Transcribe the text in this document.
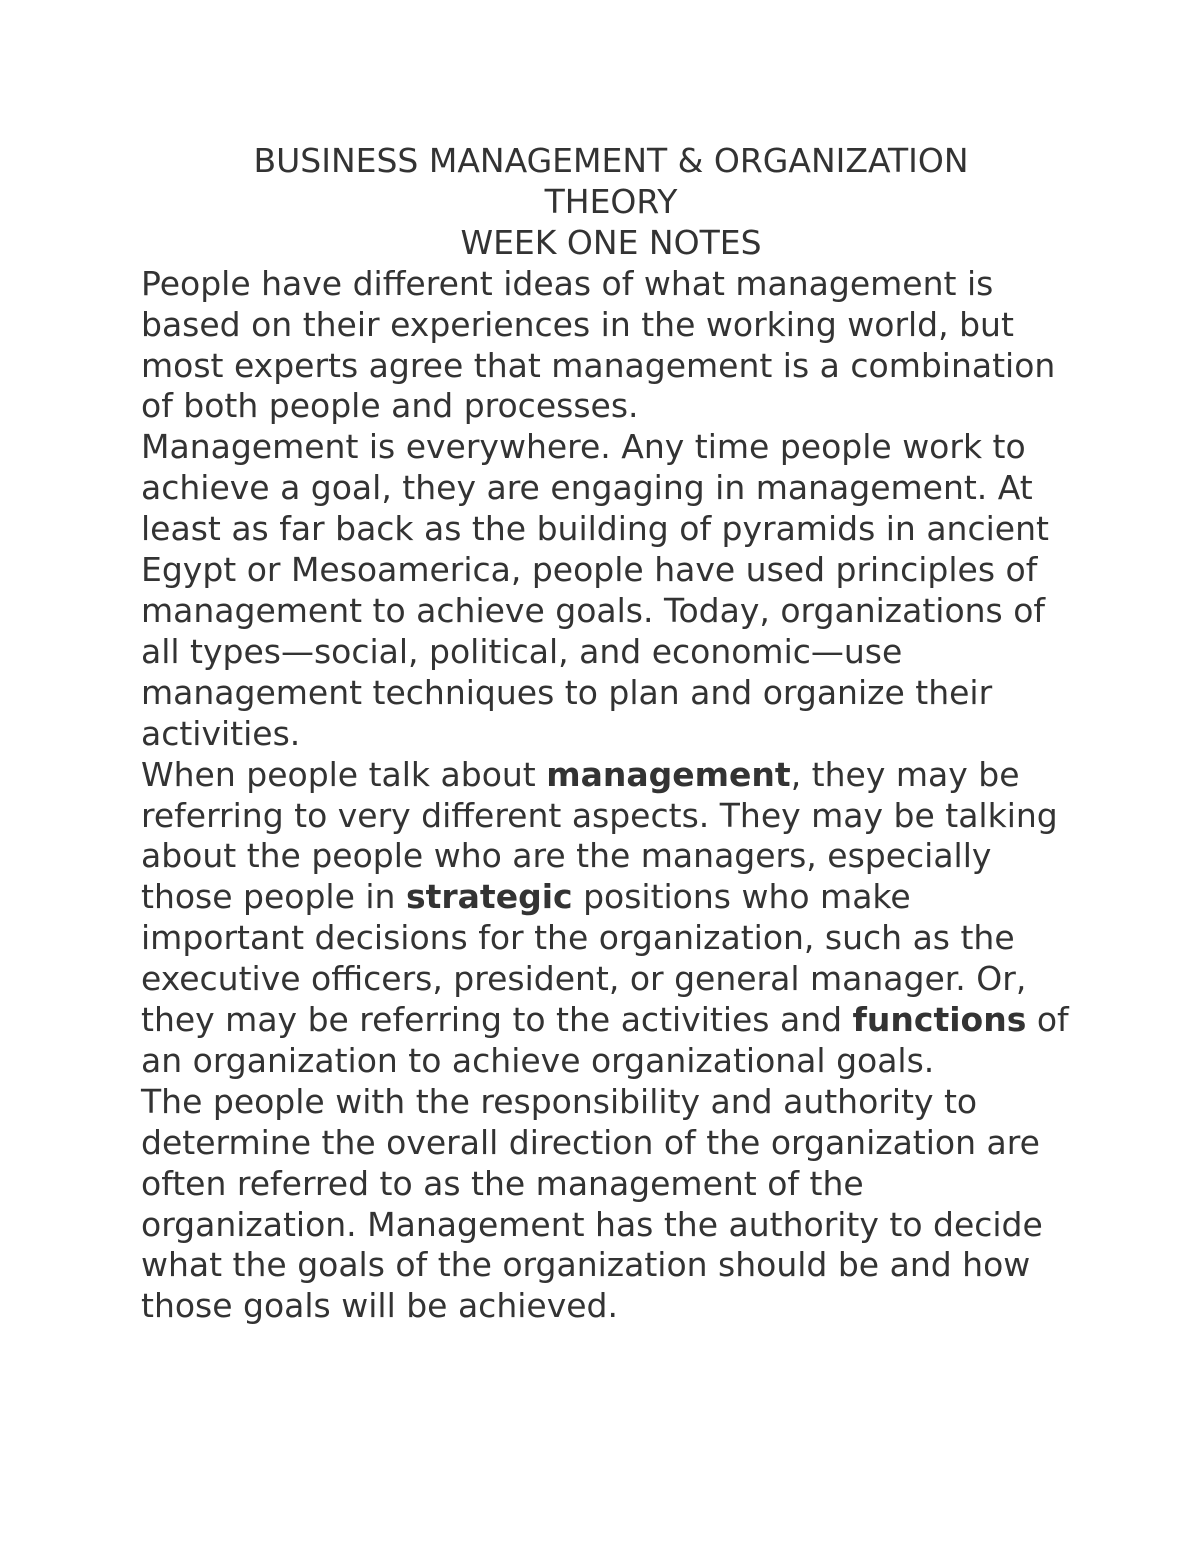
BUSINESS MANAGEMENT & ORGANIZATION
THEORY
WEEK ONE NOTES

People have different ideas of what management is based on their experiences in the working world, but most experts agree that management is a combination of both people and processes.

Management is everywhere. Any time people work to achieve a goal, they are engaging in management. At least as far back as the building of pyramids in ancient Egypt or Mesoamerica, people have used principles of management to achieve goals. Today, organizations of all types—social, political, and economic—use management techniques to plan and organize their activities.

When people talk about management, they may be referring to very different aspects. They may be talking about the people who are the managers, especially those people in strategic positions who make important decisions for the organization, such as the executive officers, president, or general manager. Or, they may be referring to the activities and functions of an organization to achieve organizational goals.

The people with the responsibility and authority to determine the overall direction of the organization are often referred to as the management of the organization. Management has the authority to decide what the goals of the organization should be and how those goals will be achieved.
